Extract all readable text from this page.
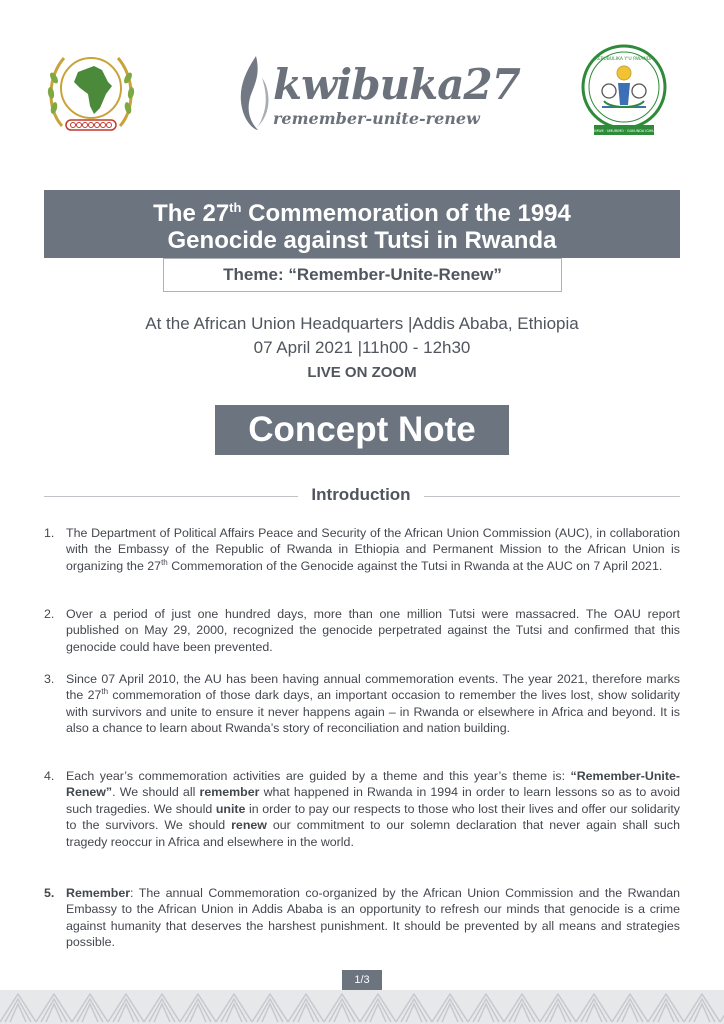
kwibuka27
remember-unite-renew
REPUBULIKA Y'U RWANDA
UBUMWE · UMURIMO · GUKUNDA IGIHUGU
The 27th Commemoration of the 1994
Genocide against Tutsi in Rwanda
Theme: “Remember-Unite-Renew”
At the African Union Headquarters |Addis Ababa, Ethiopia
07 April 2021 |11h00 - 12h30
LIVE ON ZOOM
Concept Note
Introduction
1. The Department of Political Affairs Peace and Security of the African Union Commission (AUC), in collaboration with the Embassy of the Republic of Rwanda in Ethiopia and Permanent Mission to the African Union is organizing the 27th Commemoration of the Genocide against the Tutsi in Rwanda at the AUC on 7 April 2021.
2. Over a period of just one hundred days, more than one million Tutsi were massacred. The OAU report published on May 29, 2000, recognized the genocide perpetrated against the Tutsi and confirmed that this genocide could have been prevented.
3. Since 07 April 2010, the AU has been having annual commemoration events. The year 2021, therefore marks the 27th commemoration of those dark days, an important occasion to remember the lives lost, show solidarity with survivors and unite to ensure it never happens again – in Rwanda or elsewhere in Africa and beyond. It is also a chance to learn about Rwanda’s story of reconciliation and nation building.
4. Each year’s commemoration activities are guided by a theme and this year’s theme is: “Remember-Unite-Renew”. We should all remember what happened in Rwanda in 1994 in order to learn lessons so as to avoid such tragedies. We should unite in order to pay our respects to those who lost their lives and offer our solidarity to the survivors. We should renew our commitment to our solemn declaration that never again shall such tragedy reoccur in Africa and elsewhere in the world.
5. Remember: The annual Commemoration co-organized by the African Union Commission and the Rwandan Embassy to the African Union in Addis Ababa is an opportunity to refresh our minds that genocide is a crime against humanity that deserves the harshest punishment. It should be prevented by all means and strategies possible.
1/3
